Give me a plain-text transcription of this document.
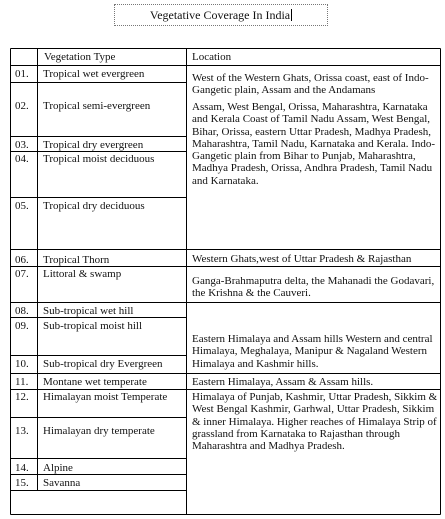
Vegetative Coverage In India
Vegetation Type	Location
01. Tropical wet evergreen
02. Tropical semi-evergreen
03. Tropical dry evergreen
04. Tropical moist deciduous
05. Tropical dry deciduous
06. Tropical Thorn
07. Littoral & swamp
08. Sub-tropical wet hill
09. Sub-tropical moist hill
10. Sub-tropical dry Evergreen
11. Montane wet temperate
12. Himalayan moist Temperate
13. Himalayan dry temperate
14. Alpine
15. Savanna
West of the Western Ghats, Orissa coast, east of Indo-Gangetic plain, Assam and the Andamans
Assam, West Bengal, Orissa, Maharashtra, Karnataka and Kerala Coast of Tamil Nadu Assam, West Bengal, Bihar, Orissa, eastern Uttar Pradesh, Madhya Pradesh, Maharashtra, Tamil Nadu, Karnataka and Kerala. Indo-Gangetic plain from Bihar to Punjab, Maharashtra, Madhya Pradesh, Orissa, Andhra Pradesh, Tamil Nadu and Karnataka.
Western Ghats,west of Uttar Pradesh & Rajasthan
Ganga-Brahmaputra delta, the Mahanadi the Godavari, the Krishna & the Cauveri.
Eastern Himalaya and Assam hills Western and central Himalaya, Meghalaya, Manipur & Nagaland Western Himalaya and Kashmir hills.
Eastern Himalaya, Assam & Assam hills.
Himalaya of Punjab, Kashmir, Uttar Pradesh, Sikkim & West Bengal Kashmir, Garhwal, Uttar Pradesh, Sikkim & inner Himalaya. Higher reaches of Himalaya Strip of grassland from Karnataka to Rajasthan through Maharashtra and Madhya Pradesh.
